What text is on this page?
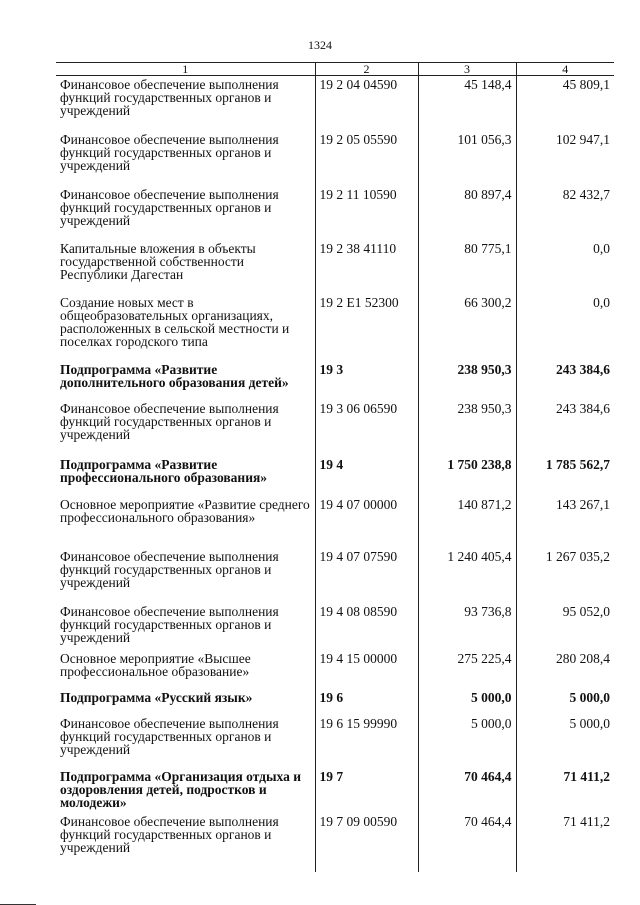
1324
1	2	3	4
Финансовое обеспечение выполнения функций государственных органов и учреждений	19 2 04 04590	45 148,4	45 809,1
Финансовое обеспечение выполнения функций государственных органов и учреждений	19 2 05 05590	101 056,3	102 947,1
Финансовое обеспечение выполнения функций государственных органов и учреждений	19 2 11 10590	80 897,4	82 432,7
Капитальные вложения в объекты государственной собственности Республики Дагестан	19 2 38 41110	80 775,1	0,0
Создание новых мест в общеобразовательных организациях, расположенных в сельской местности и поселках городского типа	19 2 E1 52300	66 300,2	0,0
Подпрограмма «Развитие дополнительного образования детей»	19 3	238 950,3	243 384,6
Финансовое обеспечение выполнения функций государственных органов и учреждений	19 3 06 06590	238 950,3	243 384,6
Подпрограмма «Развитие профессионального образования»	19 4	1 750 238,8	1 785 562,7
Основное мероприятие «Развитие среднего профессионального образования»	19 4 07 00000	140 871,2	143 267,1
Финансовое обеспечение выполнения функций государственных органов и учреждений	19 4 07 07590	1 240 405,4	1 267 035,2
Финансовое обеспечение выполнения функций государственных органов и учреждений	19 4 08 08590	93 736,8	95 052,0
Основное мероприятие «Высшее профессиональное образование»	19 4 15 00000	275 225,4	280 208,4
Подпрограмма «Русский язык»	19 6	5 000,0	5 000,0
Финансовое обеспечение выполнения функций государственных органов и учреждений	19 6 15 99990	5 000,0	5 000,0
Подпрограмма «Организация отдыха и оздоровления детей, подростков и молодежи»	19 7	70 464,4	71 411,2
Финансовое обеспечение выполнения функций государственных органов и учреждений	19 7 09 00590	70 464,4	71 411,2
